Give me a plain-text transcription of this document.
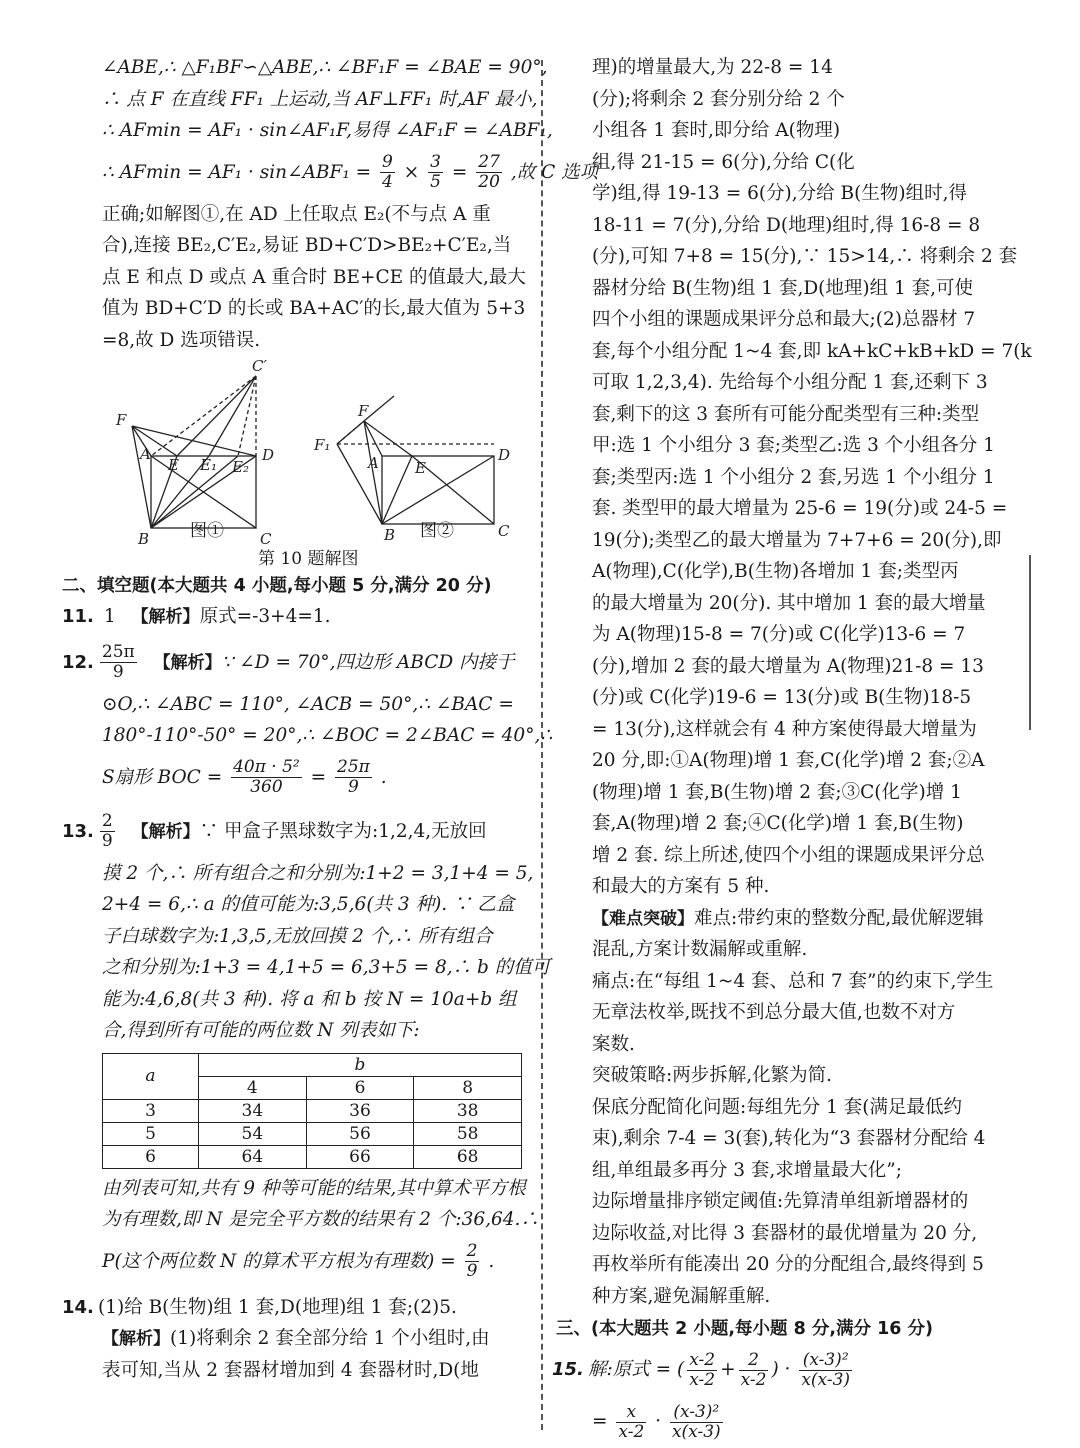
∠ABE,∴ △F₁BF∽△ABE,∴ ∠BF₁F = ∠BAE = 90°,
∴ 点 F 在直线 FF₁ 上运动,当 AF⊥FF₁ 时,AF 最小,
∴ AFmin = AF₁ · sin∠AF₁F,易得 ∠AF₁F = ∠ABF₁,
∴ AFmin = AF₁ · sin∠ABF₁ = $\frac{9}{4} \times \frac{3}{5} = \frac{27}{20}$ ,故 C 选项
正确;如解图①,在 AD 上任取点 E₂(不与点 A 重
合),连接 BE₂,C′E₂,易证 BD+C′D>BE₂+C′E₂,当
点 E 和点 D 或点 A 重合时 BE+CE 的值最大,最大
值为 BD+C′D 的长或 BA+AC′的长,最大值为 5+3
=8,故 D 选项错误.
C′
F
A
E E₁ E₂
D
B	C
F
F₁
A E
D
B	C
图①	图②
第 10 题解图
二、填空题(本大题共 4 小题,每小题 5 分,满分 20 分)
11. 1 【解析】原式=-3+4=1.
12. $\frac{25\pi}{9}$ 【解析】∵ ∠D = 70°,四边形 ABCD 内接于
⊙O,∴ ∠ABC = 110°, ∠ACB = 50°,∴ ∠BAC =
180°-110°-50° = 20°,∴ ∠BOC = 2∠BAC = 40°,∴
S扇形 BOC = $\frac{\text{40π · 5²}}{360} = \frac{25\pi}{9}$ .
13. $\frac{2}{9}$ 【解析】∵ 甲盒子黑球数字为:1,2,4,无放回
摸 2 个,∴ 所有组合之和分别为:1+2 = 3,1+4 = 5,
2+4 = 6,∴ a 的值可能为:3,5,6(共 3 种). ∵ 乙盒
子白球数字为:1,3,5,无放回摸 2 个,∴ 所有组合
之和分别为:1+3 = 4,1+5 = 6,3+5 = 8,∴ b 的值可
能为:4,6,8(共 3 种). 将 a 和 b 按 N = 10a+b 组
合,得到所有可能的两位数 N 列表如下:
a	b		
	4	6	8
3	34	36	38
5	54	56	58
6	64	66	68
由列表可知,共有 9 种等可能的结果,其中算术平方根
为有理数,即 N 是完全平方数的结果有 2 个:36,64.∴
P(这个两位数 N 的算术平方根为有理数) = $\frac{2}{9}$ .
14. (1)给 B(生物)组 1 套,D(地理)组 1 套;(2)5.
【解析】(1)将剩余 2 套全部分给 1 个小组时,由
表可知,当从 2 套器材增加到 4 套器材时,D(地
理)的增量最大,为 22-8 = 14
(分);将剩余 2 套分别分给 2 个
小组各 1 套时,即分给 A(物理)
组,得 21-15 = 6(分),分给 C(化
学)组,得 19-13 = 6(分),分给 B(生物)组时,得
18-11 = 7(分),分给 D(地理)组时,得 16-8 = 8
(分),可知 7+8 = 15(分),∵ 15>14,∴ 将剩余 2 套
器材分给 B(生物)组 1 套,D(地理)组 1 套,可使
四个小组的课题成果评分总和最大;(2)总器材 7
套,每个小组分配 1~4 套,即 kA+kC+kB+kD = 7(k
可取 1,2,3,4). 先给每个小组分配 1 套,还剩下 3
套,剩下的这 3 套所有可能分配类型有三种:类型
甲:选 1 个小组分 3 套;类型乙:选 3 个小组各分 1
套;类型丙:选 1 个小组分 2 套,另选 1 个小组分 1
套. 类型甲的最大增量为 25-6 = 19(分)或 24-5 =
19(分);类型乙的最大增量为 7+7+6 = 20(分),即
A(物理),C(化学),B(生物)各增加 1 套;类型丙
的最大增量为 20(分). 其中增加 1 套的最大增量
为 A(物理)15-8 = 7(分)或 C(化学)13-6 = 7
(分),增加 2 套的最大增量为 A(物理)21-8 = 13
(分)或 C(化学)19-6 = 13(分)或 B(生物)18-5
= 13(分),这样就会有 4 种方案使得最大增量为
20 分,即:①A(物理)增 1 套,C(化学)增 2 套;②A
(物理)增 1 套,B(生物)增 2 套;③C(化学)增 1
套,A(物理)增 2 套;④C(化学)增 1 套,B(生物)
增 2 套. 综上所述,使四个小组的课题成果评分总
和最大的方案有 5 种.
【难点突破】难点:带约束的整数分配,最优解逻辑
混乱,方案计数漏解或重解.
痛点:在“每组 1~4 套、总和 7 套”的约束下,学生
无章法枚举,既找不到总分最大值,也数不对方
案数.
突破策略:两步拆解,化繁为简.
保底分配简化问题:每组先分 1 套(满足最低约
束),剩余 7-4 = 3(套),转化为“3 套器材分配给 4
组,单组最多再分 3 套,求增量最大化”;
边际增量排序锁定阈值:先算清单组新增器材的
边际收益,对比得 3 套器材的最优增量为 20 分,
再枚举所有能凑出 20 分的分配组合,最终得到 5
种方案,避免漏解重解.
三、(本大题共 2 小题,每小题 8 分,满分 16 分)
15. 解:原式 = ( $\frac{x-2}{x-2} + \frac{2}{x-2}$ ) · $\frac{\text{(x-3)²}}{x(x-3)}$
= $\frac{x}{x-2} \cdot \frac{\text{(x-3)²}}{x(x-3)}$
